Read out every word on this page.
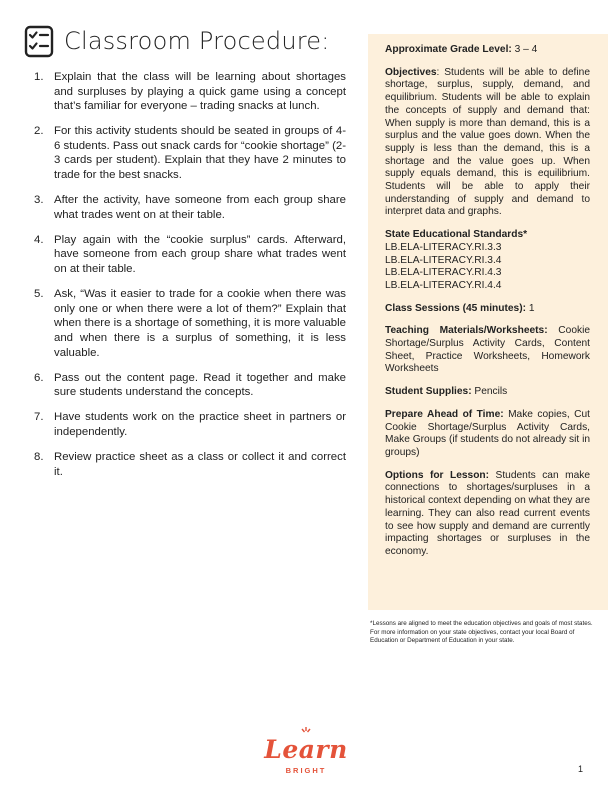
Classroom Procedure:
1. Explain that the class will be learning about shortages and surpluses by playing a quick game using a concept that’s familiar for everyone – trading snacks at lunch.
2. For this activity students should be seated in groups of 4-6 students. Pass out snack cards for “cookie shortage” (2-3 cards per student). Explain that they have 2 minutes to trade for the best snacks.
3. After the activity, have someone from each group share what trades went on at their table.
4. Play again with the “cookie surplus” cards. Afterward, have someone from each group share what trades went on at their table.
5. Ask, “Was it easier to trade for a cookie when there was only one or when there were a lot of them?” Explain that when there is a shortage of something, it is more valuable and when there is a surplus of something, it is less valuable.
6. Pass out the content page. Read it together and make sure students understand the concepts.
7. Have students work on the practice sheet in partners or independently.
8. Review practice sheet as a class or collect it and correct it.
Approximate Grade Level: 3 – 4
Objectives: Students will be able to define shortage, surplus, supply, demand, and equilibrium. Students will be able to explain the concepts of supply and demand that: When supply is more than demand, this is a surplus and the value goes down. When the supply is less than the demand, this is a shortage and the value goes up. When supply equals demand, this is equilibrium. Students will be able to apply their understanding of supply and demand to interpret data and graphs.
State Educational Standards*
LB.ELA-LITERACY.RI.3.3
LB.ELA-LITERACY.RI.3.4
LB.ELA-LITERACY.RI.4.3
LB.ELA-LITERACY.RI.4.4
Class Sessions (45 minutes): 1
Teaching Materials/Worksheets: Cookie Shortage/Surplus Activity Cards, Content Sheet, Practice Worksheets, Homework Worksheets
Student Supplies: Pencils
Prepare Ahead of Time: Make copies, Cut Cookie Shortage/Surplus Activity Cards, Make Groups (if students do not already sit in groups)
Options for Lesson: Students can make connections to shortages/surpluses in a historical context depending on what they are learning. They can also read current events to see how supply and demand are currently impacting shortages or surpluses in the economy.
*Lessons are aligned to meet the education objectives and goals of most states. For more information on your state objectives, contact your local Board of Education or Department of Education in your state.
Learn
BRIGHT	1
